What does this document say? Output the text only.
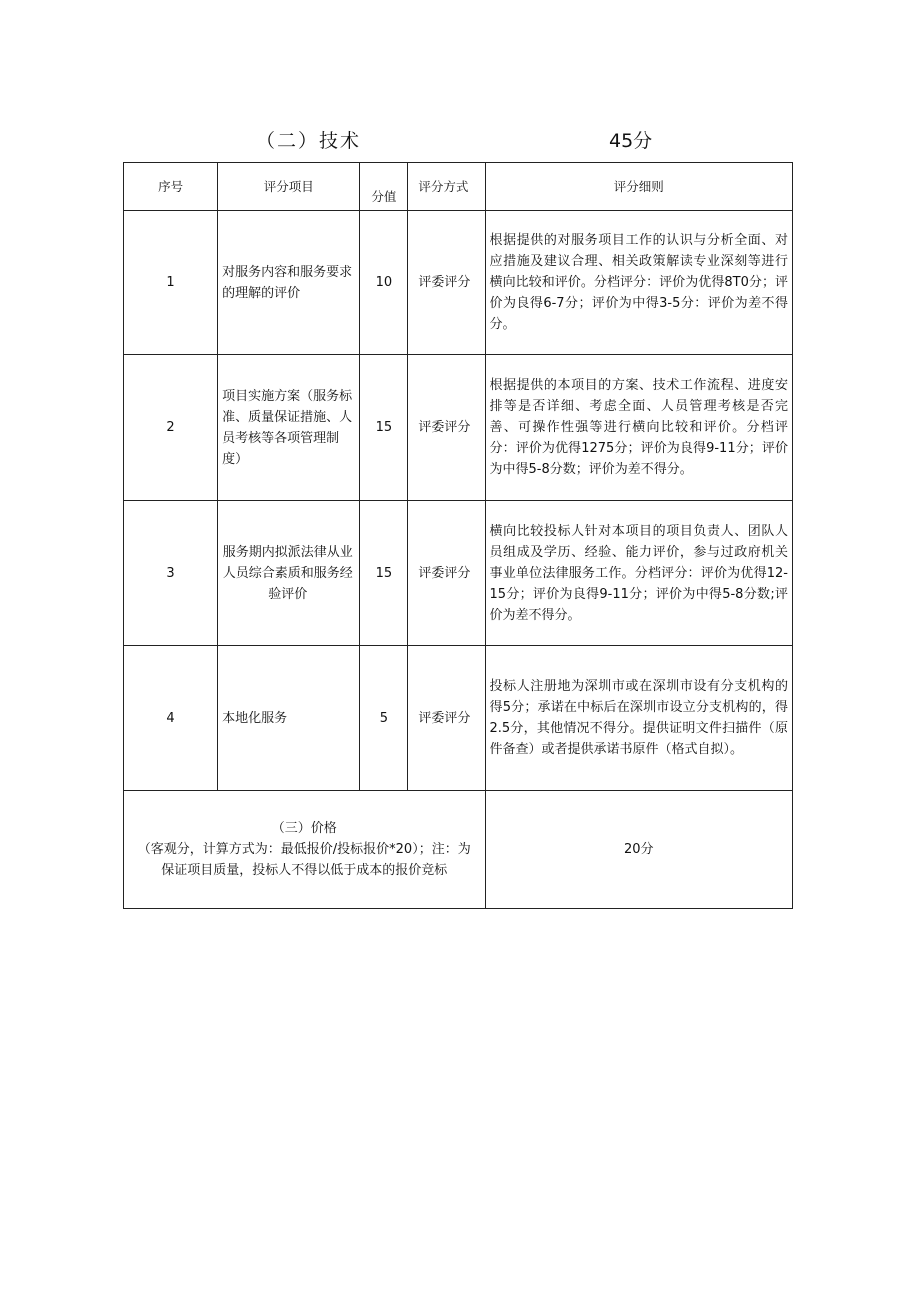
（二）技术	45分
序号	评分项目	分值	评分方式	评分细则
1	对服务内容和服务要求的理解的评价	10	评委评分	根据提供的对服务项目工作的认识与分析全面、对应措施及建议合理、相关政策解读专业深刻等进行横向比较和评价。分档评分：评价为优得8T0分；评价为良得6-7分；评价为中得3-5分：评价为差不得分。
2	项目实施方案（服务标准、质量保证措施、人员考核等各项管理制度）	15	评委评分	根据提供的本项目的方案、技术工作流程、进度安排等是否详细、考虑全面、人员管理考核是否完善、可操作性强等进行横向比较和评价。分档评分：评价为优得1275分；评价为良得9-11分；评价为中得5-8分数；评价为差不得分。
3	服务期内拟派法律从业人员综合素质和服务经验评价	15	评委评分	横向比较投标人针对本项目的项目负责人、团队人员组成及学历、经验、能力评价，参与过政府机关事业单位法律服务工作。分档评分：评价为优得12-15分；评价为良得9-11分；评价为中得5-8分数;评价为差不得分。
4	本地化服务	5	评委评分	投标人注册地为深圳市或在深圳市设有分支机构的得5分；承诺在中标后在深圳市设立分支机构的，得2.5分，其他情况不得分。提供证明文件扫描件（原件备查）或者提供承诺书原件（格式自拟）。

（三）价格
（客观分，计算方式为：最低报价/投标报价*20）；注：为保证项目质量，投标人不得以低于成本的报价竞标				20分
